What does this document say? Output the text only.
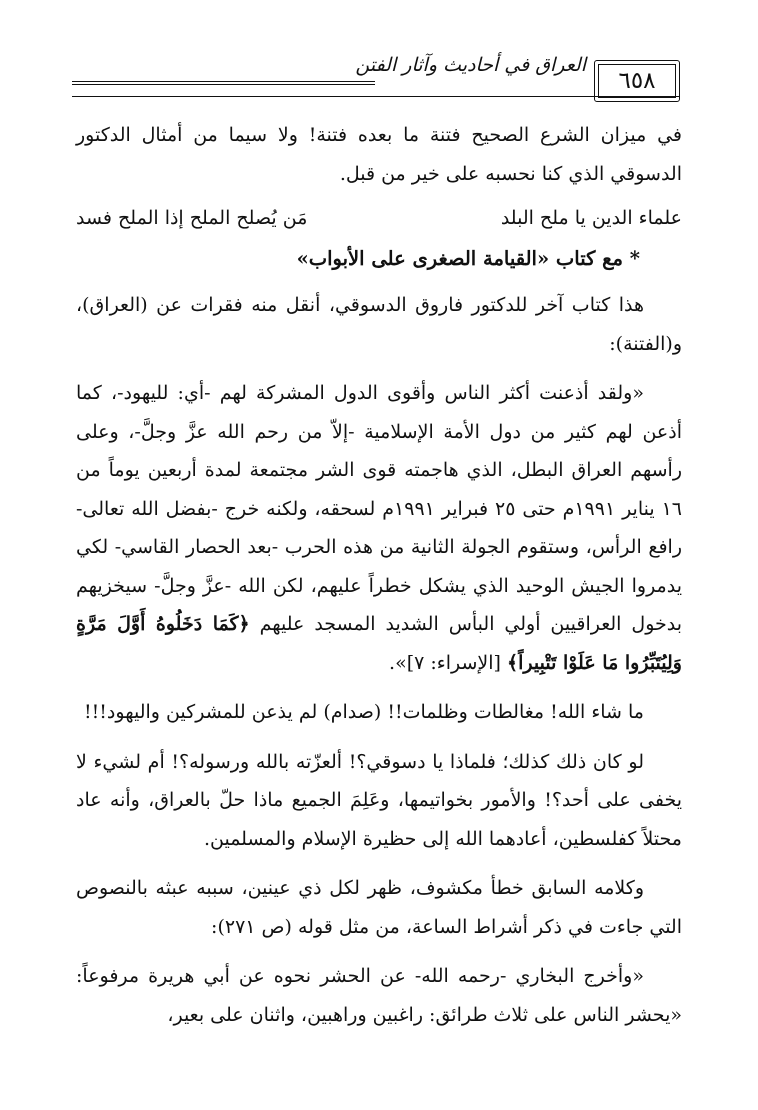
٦٥٨
العراق في أحاديث وآثار الفتن

في ميزان الشرع الصحيح فتنة ما بعده فتنة! ولا سيما من أمثال الدكتور الدسوقي الذي كنا نحسبه على خير من قبل.

علماء الدين يا ملح البلد
مَن يُصلح الملح إذا الملح فسد
* مع كتاب «القيامة الصغرى على الأبواب»

هذا كتاب آخر للدكتور فاروق الدسوقي، أنقل منه فقرات عن (العراق)، و(الفتنة):

«ولقد أذعنت أكثر الناس وأقوى الدول المشركة لهم -أي: لليهود-، كما أذعن لهم كثير من دول الأمة الإسلامية -إلاّ من رحم الله عزَّ وجلَّ-، وعلى رأسهم العراق البطل، الذي هاجمته قوى الشر مجتمعة لمدة أربعين يوماً من ١٦ يناير ١٩٩١م حتى ٢٥ فبراير ١٩٩١م لسحقه، ولكنه خرج -بفضل الله تعالى- رافع الرأس، وستقوم الجولة الثانية من هذه الحرب -بعد الحصار القاسي- لكي يدمروا الجيش الوحيد الذي يشكل خطراً عليهم، لكن الله -عزَّ وجلَّ- سيخزيهم بدخول العراقيين أولي البأس الشديد المسجد عليهم ﴿كَمَا دَخَلُوهُ أَوَّلَ مَرَّةٍ وَلِيُتَبِّرُوا مَا عَلَوْا تَتْبِيراً﴾ [الإسراء: ٧]».

ما شاء الله! مغالطات وظلمات!! (صدام) لم يذعن للمشركين واليهود!!!

لو كان ذلك كذلك؛ فلماذا يا دسوقي؟! ألعزّته بالله ورسوله؟! أم لشيء لا يخفى على أحد؟! والأمور بخواتيمها، وعَلِمَ الجميع ماذا حلّ بالعراق، وأنه عاد محتلاً كفلسطين، أعادهما الله إلى حظيرة الإسلام والمسلمين.

وكلامه السابق خطأ مكشوف، ظهر لكل ذي عينين، سببه عبثه بالنصوص التي جاءت في ذكر أشراط الساعة، من مثل قوله (ص ٢٧١):

«وأخرج البخاري -رحمه الله- عن الحشر نحوه عن أبي هريرة مرفوعاً: «يحشر الناس على ثلاث طرائق: راغبين وراهبين، واثنان على بعير،
